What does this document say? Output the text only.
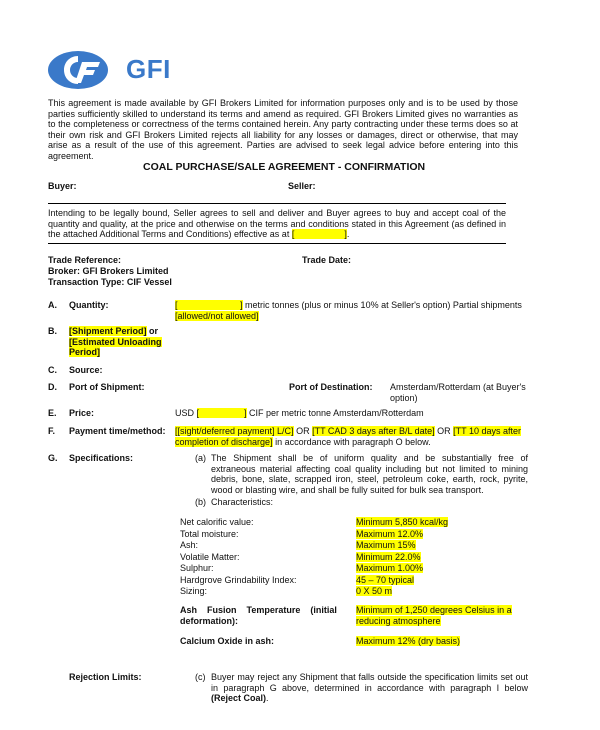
GFI
This agreement is made available by GFI Brokers Limited for information purposes only and is to be used by those parties sufficiently skilled to understand its terms and amend as required. GFI Brokers Limited gives no warranties as to the completeness or correctness of the terms contained herein. Any party contracting under these terms does so at their own risk and GFI Brokers Limited rejects all liability for any losses or damages, direct or otherwise, that may arise as a result of the use of this agreement. Parties are advised to seek legal advice before entering into this agreement.
COAL PURCHASE/SALE AGREEMENT - CONFIRMATION
Buyer:	Seller:
Intending to be legally bound, Seller agrees to sell and deliver and Buyer agrees to buy and accept coal of the quantity and quality, at the price and otherwise on the terms and conditions stated in this Agreement (as defined in the attached Additional Terms and Conditions) effective as at [                    ].
Trade Reference:	Trade Date:
Broker: GFI Brokers Limited
Transaction Type: CIF Vessel
A. Quantity:	[                         ] metric tonnes (plus or minus 10% at Seller's option) Partial shipments [allowed/not allowed]
B. [Shipment Period] or
[Estimated Unloading
Period]
C. Source:
D. Port of Shipment:	Port of Destination: Amsterdam/Rotterdam (at Buyer's option)
E. Price:	USD [                  ] CIF per metric tonne Amsterdam/Rotterdam
F. Payment time/method: [[sight/deferred payment] L/C] OR [TT CAD 3 days after B/L date] OR [TT 10 days after
completion of discharge] in accordance with paragraph O below.
G. Specifications:	(a) The Shipment shall be of uniform quality and be substantially free of extraneous material affecting coal quality including but not limited to mining debris, bone, slate, scrapped iron, steel, petroleum coke, earth, rock, pyrite, wood or blasting wire, and shall be fully suited for bulk sea transport.
(b) Characteristics:
Net calorific value:	Minimum 5,850 kcal/kg
Total moisture:	Maximum 12.0%
Ash:	Maximum 15%
Volatile Matter:	Minimum 22.0%
Sulphur:	Maximum 1.00%
Hardgrove Grindability Index:	45 – 70 typical
Sizing:	0 X 50 m
Ash    Fusion    Temperature    (initial
deformation):
Minimum of 1,250 degrees Celsius in a
reducing atmosphere
Calcium Oxide in ash:	Maximum 12% (dry basis)
Rejection Limits:	(c) Buyer may reject any Shipment that falls outside the specification limits set out in paragraph G above, determined in accordance with paragraph I below (Reject Coal).
